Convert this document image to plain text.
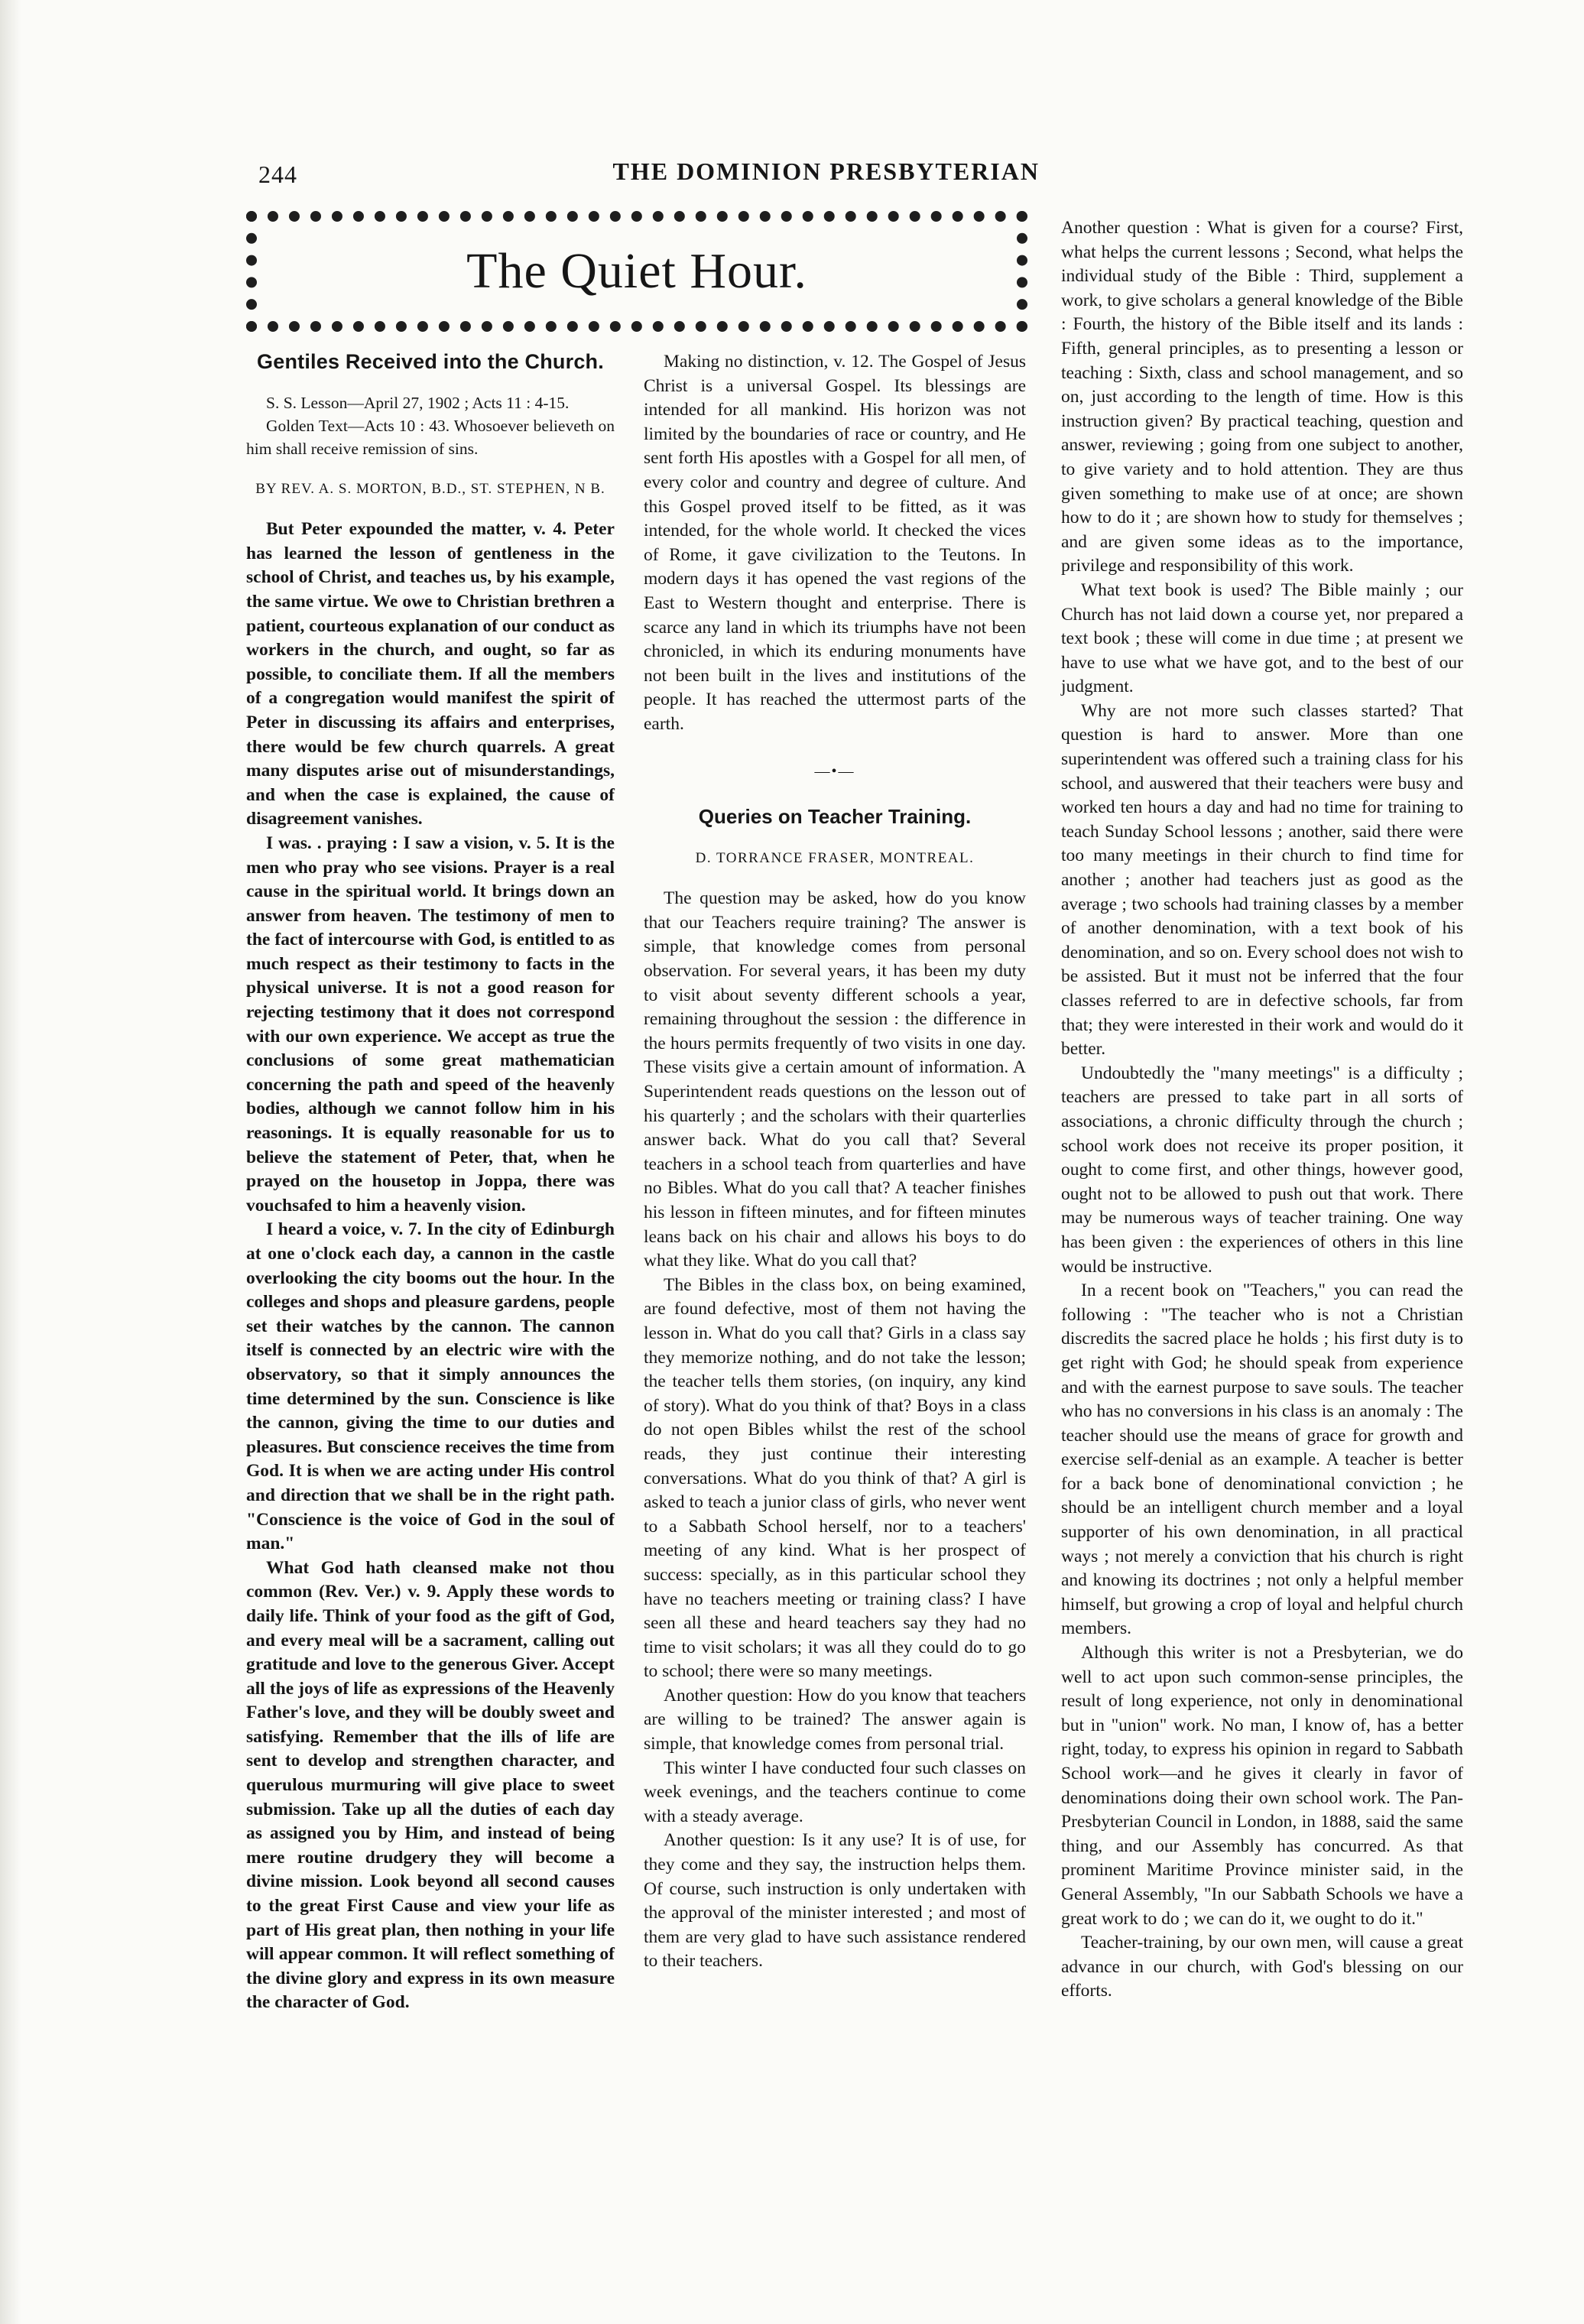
244	THE DOMINION PRESBYTERIAN
The Quiet Hour.
Gentiles Received into the Church.

S. S. Lesson—April 27, 1902 ; Acts 11 : 4-15.

Golden Text—Acts 10 : 43. Whosoever believeth on him shall receive remission of sins.

BY REV. A. S. MORTON, B.D., ST. STEPHEN, N B.

But Peter expounded the matter, v. 4. Peter has learned the lesson of gentleness in the school of Christ, and teaches us, by his example, the same virtue. We owe to Christian brethren a patient, courteous explanation of our conduct as workers in the church, and ought, so far as possible, to conciliate them. If all the members of a congregation would manifest the spirit of Peter in discussing its affairs and enterprises, there would be few church quarrels. A great many disputes arise out of misunderstandings, and when the case is explained, the cause of disagreement vanishes.

I was. . praying : I saw a vision, v. 5. It is the men who pray who see visions. Prayer is a real cause in the spiritual world. It brings down an answer from heaven. The testimony of men to the fact of intercourse with God, is entitled to as much respect as their testimony to facts in the physical universe. It is not a good reason for rejecting testimony that it does not correspond with our own experience. We accept as true the conclusions of some great mathematician concerning the path and speed of the heavenly bodies, although we cannot follow him in his reasonings. It is equally reasonable for us to believe the statement of Peter, that, when he prayed on the housetop in Joppa, there was vouchsafed to him a heavenly vision.

I heard a voice, v. 7. In the city of Edinburgh at one o'clock each day, a cannon in the castle overlooking the city booms out the hour. In the colleges and shops and pleasure gardens, people set their watches by the cannon. The cannon itself is connected by an electric wire with the observatory, so that it simply announces the time determined by the sun. Conscience is like the cannon, giving the time to our duties and pleasures. But conscience receives the time from God. It is when we are acting under His control and direction that we shall be in the right path. "Conscience is the voice of God in the soul of man."

What God hath cleansed make not thou common (Rev. Ver.) v. 9. Apply these words to daily life. Think of your food as the gift of God, and every meal will be a sacrament, calling out gratitude and love to the generous Giver. Accept all the joys of life as expressions of the Heavenly Father's love, and they will be doubly sweet and satisfying. Remember that the ills of life are sent to develop and strengthen character, and querulous murmuring will give place to sweet submission. Take up all the duties of each day as assigned you by Him, and instead of being mere routine drudgery they will become a divine mission. Look beyond all second causes to the great First Cause and view your life as part of His great plan, then nothing in your life will appear common. It will reflect something of the divine glory and express in its own measure the character of God.

Making no distinction, v. 12. The Gospel of Jesus Christ is a universal Gospel. Its blessings are intended for all mankind. His horizon was not limited by the boundaries of race or country, and He sent forth His apostles with a Gospel for all men, of every color and country and degree of culture. And this Gospel proved itself to be fitted, as it was intended, for the whole world. It checked the vices of Rome, it gave civilization to the Teutons. In modern days it has opened the vast regions of the East to Western thought and enterprise. There is scarce any land in which its triumphs have not been chronicled, in which its enduring monuments have not been built in the lives and institutions of the people. It has reached the uttermost parts of the earth.

—•—
Queries on Teacher Training.
D. TORRANCE FRASER, MONTREAL.

The question may be asked, how do you know that our Teachers require training? The answer is simple, that knowledge comes from personal observation. For several years, it has been my duty to visit about seventy different schools a year, remaining throughout the session : the difference in the hours permits frequently of two visits in one day. These visits give a certain amount of information. A Superintendent reads questions on the lesson out of his quarterly ; and the scholars with their quarterlies answer back. What do you call that? Several teachers in a school teach from quarterlies and have no Bibles. What do you call that? A teacher finishes his lesson in fifteen minutes, and for fifteen minutes leans back on his chair and allows his boys to do what they like. What do you call that?

The Bibles in the class box, on being examined, are found defective, most of them not having the lesson in. What do you call that? Girls in a class say they memorize nothing, and do not take the lesson; the teacher tells them stories, (on inquiry, any kind of story). What do you think of that? Boys in a class do not open Bibles whilst the rest of the school reads, they just continue their interesting conversations. What do you think of that? A girl is asked to teach a junior class of girls, who never went to a Sabbath School herself, nor to a teachers' meeting of any kind. What is her prospect of success: specially, as in this particular school they have no teachers meeting or training class? I have seen all these and heard teachers say they had no time to visit scholars; it was all they could do to go to school; there were so many meetings.

Another question: How do you know that teachers are willing to be trained? The answer again is simple, that knowledge comes from personal trial.

This winter I have conducted four such classes on week evenings, and the teachers continue to come with a steady average.

Another question: Is it any use? It is of use, for they come and they say, the instruction helps them. Of course, such instruction is only undertaken with the approval of the minister interested ; and most of them are very glad to have such assistance rendered to their teachers.

Another question : What is given for a course? First, what helps the current lessons ; Second, what helps the individual study of the Bible : Third, supplement a work, to give scholars a general knowledge of the Bible : Fourth, the history of the Bible itself and its lands : Fifth, general principles, as to presenting a lesson or teaching : Sixth, class and school management, and so on, just according to the length of time. How is this instruction given? By practical teaching, question and answer, reviewing ; going from one subject to another, to give variety and to hold attention. They are thus given something to make use of at once; are shown how to do it ; are shown how to study for themselves ; and are given some ideas as to the importance, privilege and responsibility of this work.

What text book is used? The Bible mainly ; our Church has not laid down a course yet, nor prepared a text book ; these will come in due time ; at present we have to use what we have got, and to the best of our judgment.

Why are not more such classes started? That question is hard to answer. More than one superintendent was offered such a training class for his school, and auswered that their teachers were busy and worked ten hours a day and had no time for training to teach Sunday School lessons ; another, said there were too many meetings in their church to find time for another ; another had teachers just as good as the average ; two schools had training classes by a member of another denomination, with a text book of his denomination, and so on. Every school does not wish to be assisted. But it must not be inferred that the four classes referred to are in defective schools, far from that; they were interested in their work and would do it better.

Undoubtedly the "many meetings" is a difficulty ; teachers are pressed to take part in all sorts of associations, a chronic difficulty through the church ; school work does not receive its proper position, it ought to come first, and other things, however good, ought not to be allowed to push out that work. There may be numerous ways of teacher training. One way has been given : the experiences of others in this line would be instructive.

In a recent book on "Teachers," you can read the following : "The teacher who is not a Christian discredits the sacred place he holds ; his first duty is to get right with God; he should speak from experience and with the earnest purpose to save souls. The teacher who has no conversions in his class is an anomaly : The teacher should use the means of grace for growth and exercise self-denial as an example. A teacher is better for a back bone of denominational conviction ; he should be an intelligent church member and a loyal supporter of his own denomination, in all practical ways ; not merely a conviction that his church is right and knowing its doctrines ; not only a helpful member himself, but growing a crop of loyal and helpful church members.

Although this writer is not a Presbyterian, we do well to act upon such common-sense principles, the result of long experience, not only in denominational but in "union" work. No man, I know of, has a better right, today, to express his opinion in regard to Sabbath School work—and he gives it clearly in favor of denominations doing their own school work. The Pan-Presbyterian Council in London, in 1888, said the same thing, and our Assembly has concurred. As that prominent Maritime Province minister said, in the General Assembly, "In our Sabbath Schools we have a great work to do ; we can do it, we ought to do it."

Teacher-training, by our own men, will cause a great advance in our church, with God's blessing on our efforts.
